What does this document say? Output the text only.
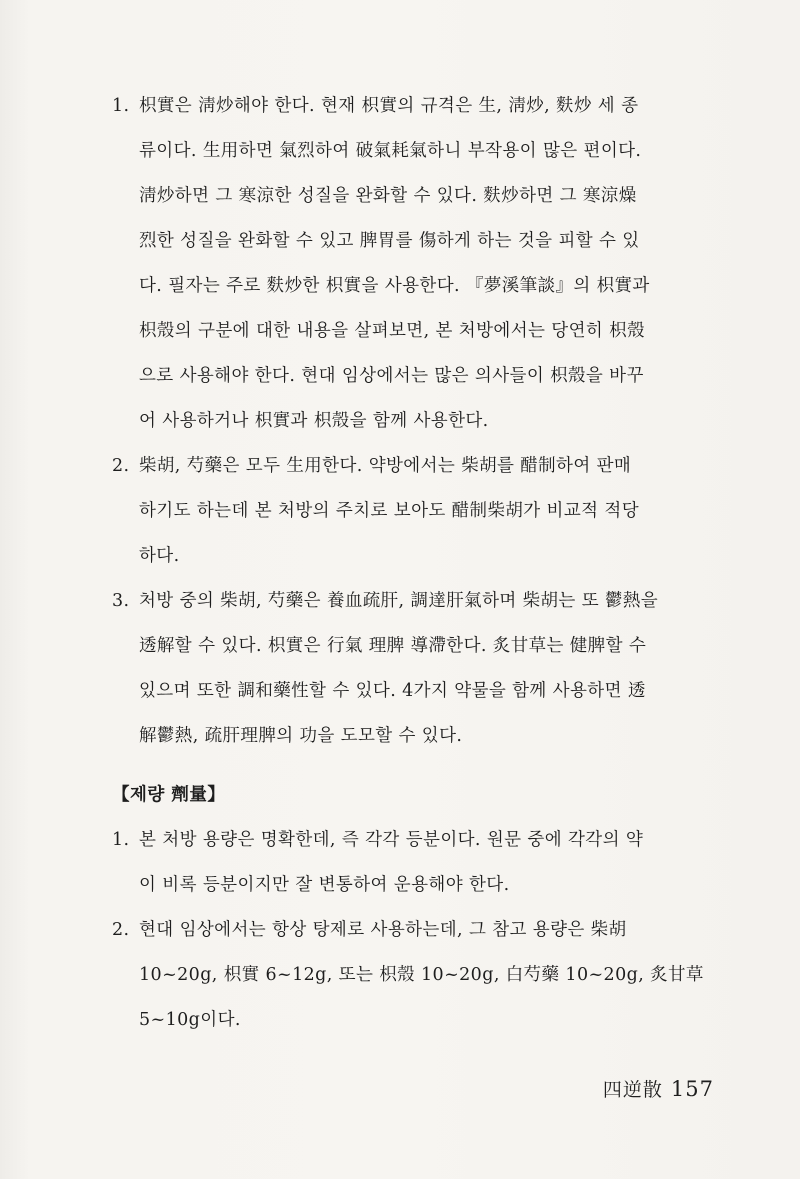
1. 枳實은 淸炒해야 한다. 현재 枳實의 규격은 生, 淸炒, 麩炒 세 종
류이다. 生用하면 氣烈하여 破氣耗氣하니 부작용이 많은 편이다.
淸炒하면 그 寒涼한 성질을 완화할 수 있다. 麩炒하면 그 寒涼燥
烈한 성질을 완화할 수 있고 脾胃를 傷하게 하는 것을 피할 수 있
다. 필자는 주로 麩炒한 枳實을 사용한다. 『夢溪筆談』의 枳實과
枳殼의 구분에 대한 내용을 살펴보면, 본 처방에서는 당연히 枳殼
으로 사용해야 한다. 현대 임상에서는 많은 의사들이 枳殼을 바꾸
어 사용하거나 枳實과 枳殼을 함께 사용한다.
2. 柴胡, 芍藥은 모두 生用한다. 약방에서는 柴胡를 醋制하여 판매
하기도 하는데 본 처방의 주치로 보아도 醋制柴胡가 비교적 적당
하다.
3. 처방 중의 柴胡, 芍藥은 養血疏肝, 調達肝氣하며 柴胡는 또 鬱熱을
透解할 수 있다. 枳實은 行氣 理脾 導滯한다. 炙甘草는 健脾할 수
있으며 또한 調和藥性할 수 있다. 4가지 약물을 함께 사용하면 透
解鬱熱, 疏肝理脾의 功을 도모할 수 있다.
【제량 劑量】
1. 본 처방 용량은 명확한데, 즉 각각 등분이다. 원문 중에 각각의 약
이 비록 등분이지만 잘 변통하여 운용해야 한다.
2. 현대 임상에서는 항상 탕제로 사용하는데, 그 참고 용량은 柴胡
10~20g, 枳實 6~12g, 또는 枳殼 10~20g, 白芍藥 10~20g, 炙甘草
5~10g이다.
四逆散 157
